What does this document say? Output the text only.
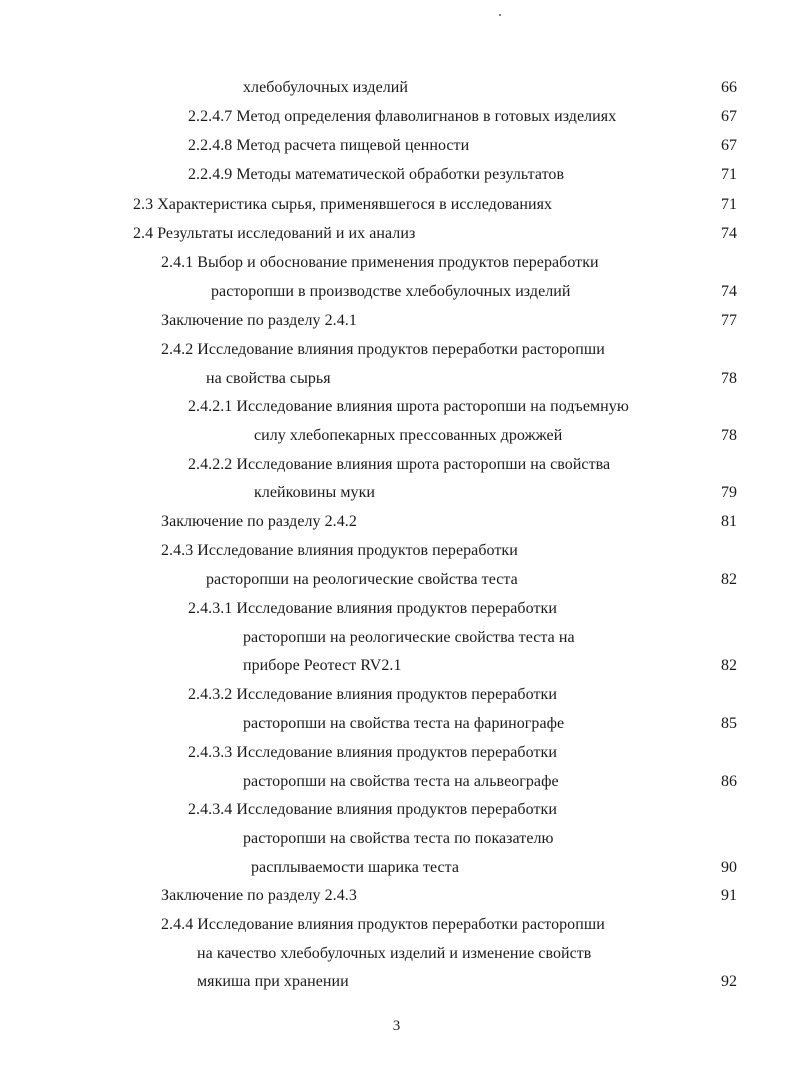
хлебобулочных изделий	66
2.2.4.7 Метод определения флаволигнанов в готовых изделиях	67
2.2.4.8 Метод расчета пищевой ценности	67
2.2.4.9 Методы математической обработки результатов	71
2.3 Характеристика сырья, применявшегося в исследованиях	71
2.4 Результаты исследований и их анализ	74
2.4.1 Выбор и обоснование применения продуктов переработки
расторопши в производстве хлебобулочных изделий	74
Заключение по разделу 2.4.1	77
2.4.2 Исследование влияния продуктов переработки расторопши
на свойства сырья	78
2.4.2.1 Исследование влияния шрота расторопши на подъемную
силу хлебопекарных прессованных дрожжей	78
2.4.2.2 Исследование влияния шрота расторопши на свойства
клейковины муки	79
Заключение по разделу 2.4.2	81
2.4.3 Исследование влияния продуктов переработки
расторопши на реологические свойства теста	82
2.4.3.1 Исследование влияния продуктов переработки
расторопши на реологические свойства теста на
приборе Реотест RV2.1	82
2.4.3.2 Исследование влияния продуктов переработки
расторопши на свойства теста на фаринографе	85
2.4.3.3 Исследование влияния продуктов переработки
расторопши на свойства теста на альвеографе	86
2.4.3.4 Исследование влияния продуктов переработки
расторопши на свойства теста по показателю
расплываемости шарика теста	90
Заключение по разделу 2.4.3	91
2.4.4 Исследование влияния продуктов переработки расторопши
на качество хлебобулочных изделий и изменение свойств
мякиша при хранении	92
3
